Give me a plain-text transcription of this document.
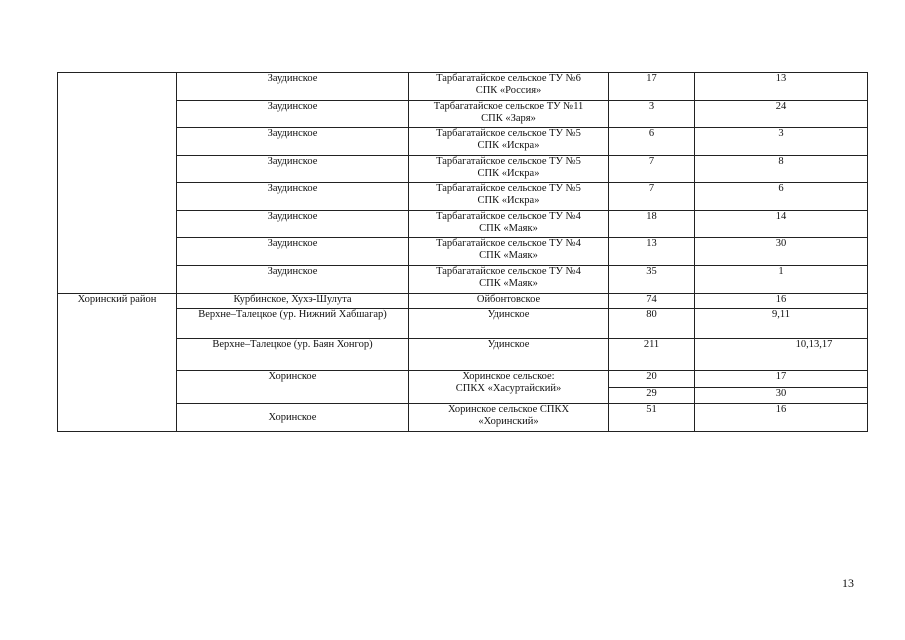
	Заудинское	Тарбагатайское сельское ТУ №6
СПК «Россия»	17	13
	Заудинское	Тарбагатайское сельское ТУ №11
СПК «Заря»	3	24
	Заудинское	Тарбагатайское сельское ТУ №5
СПК «Искра»	6	3
	Заудинское	Тарбагатайское сельское ТУ №5
СПК «Искра»	7	8
	Заудинское	Тарбагатайское сельское ТУ №5
СПК «Искра»	7	6
	Заудинское	Тарбагатайское сельское ТУ №4
СПК «Маяк»	18	14
	Заудинское	Тарбагатайское сельское ТУ №4
СПК «Маяк»	13	30
	Заудинское	Тарбагатайское сельское ТУ №4
СПК «Маяк»	35	1
Хоринский район	Курбинское, Хухэ-Шулута	Ойбонтовское	74	16
	Верхне–Талецкое (ур. Нижний Хабшагар)	Удинское	80	9,11
	Верхне–Талецкое (ур. Баян Хонгор)	Удинское	211	10,13,17
	Хоринское	Хоринское сельское:
СПКХ «Хасуртайский»	20	17
			29	30
	Хоринское	Хоринское сельское СПКХ
«Хоринский»	51	16
13
